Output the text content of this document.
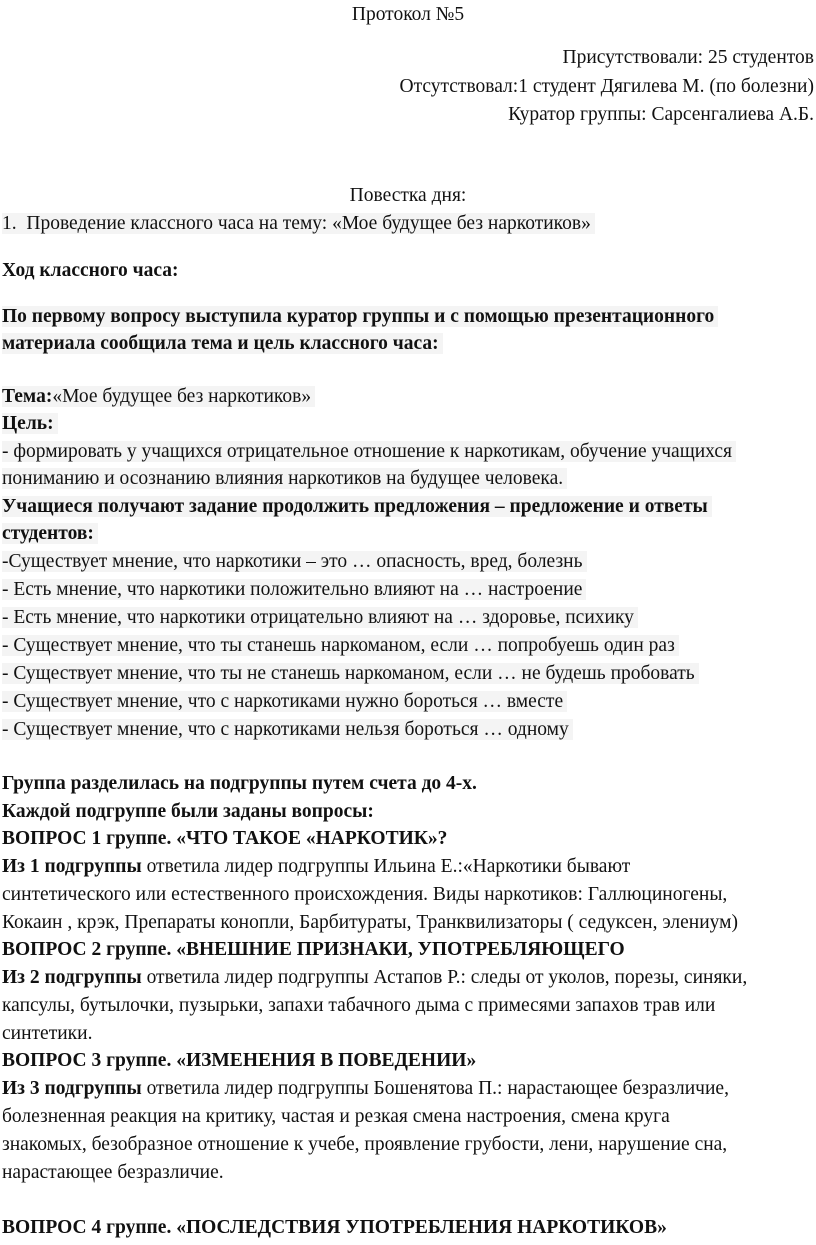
Протокол №5
Присутствовали: 25 студентов
Отсутствовал:1 студент Дягилева М. (по болезни)
Куратор группы: Сарсенгалиева А.Б.
Повестка дня:
1. Проведение классного часа на тему: «Мое будущее без наркотиков»
Ход классного часа:
По первому вопросу выступила куратор группы и с помощью презентационного
материала сообщила тема и цель классного часа:
Тема:«Мое будущее без наркотиков»
Цель:
- формировать у учащихся отрицательное отношение к наркотикам, обучение учащихся
пониманию и осознанию влияния наркотиков на будущее человека.
Учащиеся получают задание продолжить предложения – предложение и ответы
студентов:
-Существует мнение, что наркотики – это … опасность, вред, болезнь
- Есть мнение, что наркотики положительно влияют на … настроение
- Есть мнение, что наркотики отрицательно влияют на … здоровье, психику
- Существует мнение, что ты станешь наркоманом, если … попробуешь один раз
- Существует мнение, что ты не станешь наркоманом, если … не будешь пробовать
- Существует мнение, что с наркотиками нужно бороться … вместе
- Существует мнение, что с наркотиками нельзя бороться … одному
Группа разделилась на подгруппы путем счета до 4-х.
Каждой подгруппе были заданы вопросы:
ВОПРОС 1 группе. «ЧТО ТАКОЕ «НАРКОТИК»?
Из 1 подгруппы ответила лидер подгруппы Ильина Е.:«Наркотики бывают
синтетического или естественного происхождения. Виды наркотиков: Галлюциногены,
Кокаин , крэк, Препараты конопли, Барбитураты, Транквилизаторы ( седуксен, элениум)
ВОПРОС 2 группе. «ВНЕШНИЕ ПРИЗНАКИ, УПОТРЕБЛЯЮЩЕГО
Из 2 подгруппы ответила лидер подгруппы Астапов Р.: следы от уколов, порезы, синяки,
капсулы, бутылочки, пузырьки, запахи табачного дыма с примесями запахов трав или
синтетики.
ВОПРОС 3 группе. «ИЗМЕНЕНИЯ В ПОВЕДЕНИИ»
Из 3 подгруппы ответила лидер подгруппы Бошенятова П.: нарастающее безразличие,
болезненная реакция на критику, частая и резкая смена настроения, смена круга
знакомых, безобразное отношение к учебе, проявление грубости, лени, нарушение сна,
нарастающее безразличие.
ВОПРОС 4 группе. «ПОСЛЕДСТВИЯ УПОТРЕБЛЕНИЯ НАРКОТИКОВ»
